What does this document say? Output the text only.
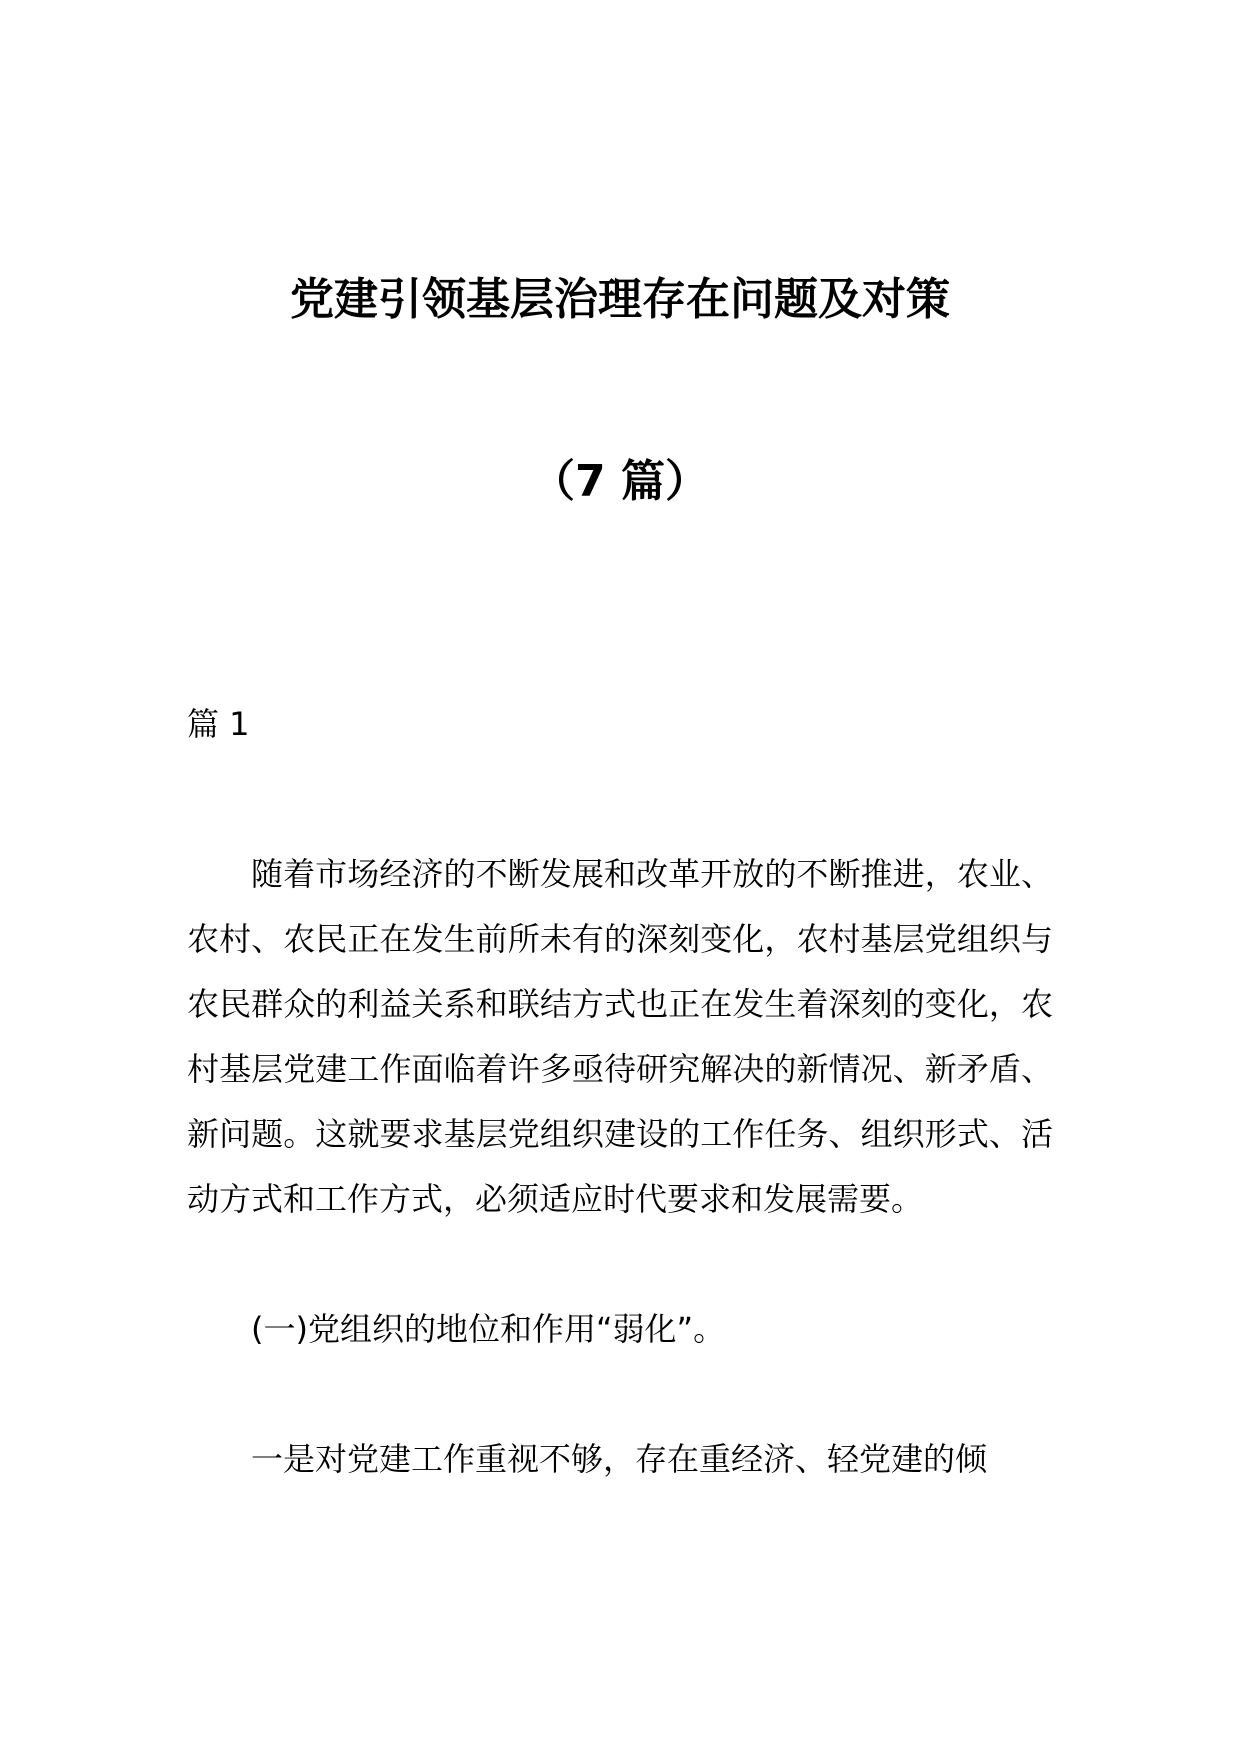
党建引领基层治理存在问题及对策
（7 篇）

篇 1

随着市场经济的不断发展和改革开放的不断推进，农业、农村、农民正在发生前所未有的深刻变化，农村基层党组织与农民群众的利益关系和联结方式也正在发生着深刻的变化，农村基层党建工作面临着许多亟待研究解决的新情况、新矛盾、新问题。这就要求基层党组织建设的工作任务、组织形式、活动方式和工作方式，必须适应时代要求和发展需要。

(一)党组织的地位和作用“弱化”。

一是对党建工作重视不够，存在重经济、轻党建的倾
